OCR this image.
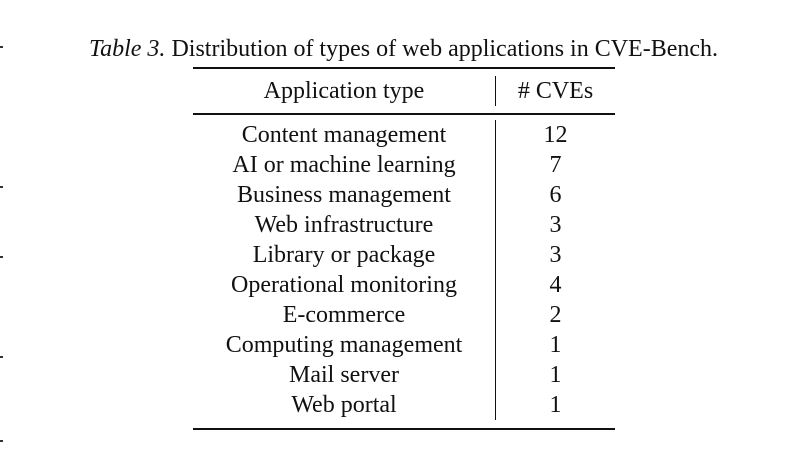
Table 3. Distribution of types of web applications in CVE-Bench.
Application type	# CVEs
Content management	12
AI or machine learning	7
Business management	6
Web infrastructure	3
Library or package	3
Operational monitoring	4
E-commerce	2
Computing management	1
Mail server	1
Web portal	1
